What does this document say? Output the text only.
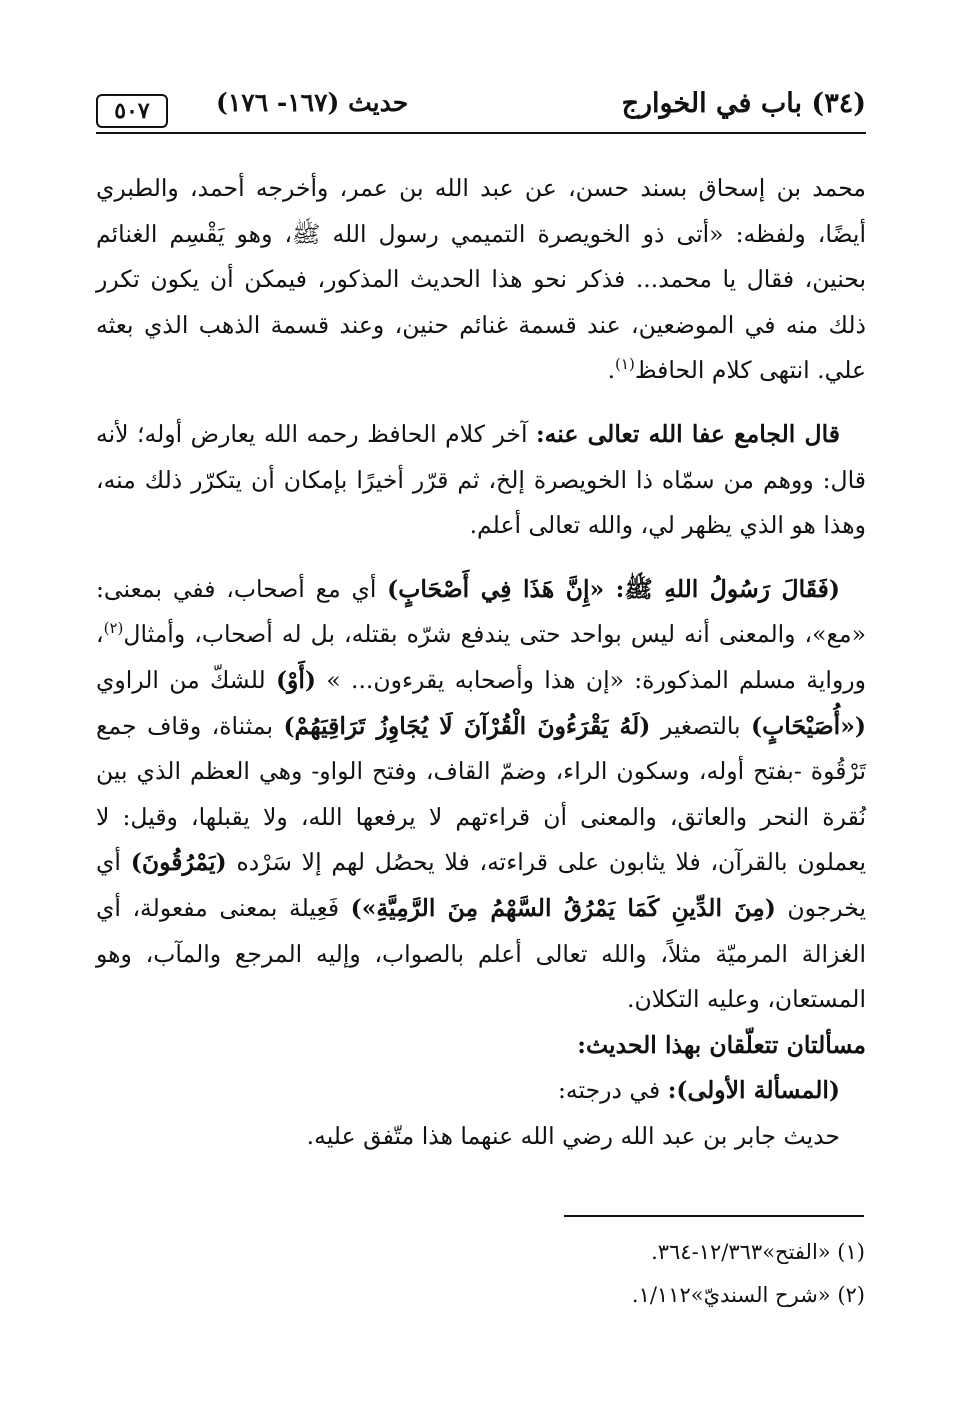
(٣٤) باب في الخوارج
حديث (١٦٧- ١٧٦)
٥٠٧

محمد بن إسحاق بسند حسن، عن عبد الله بن عمر، وأخرجه أحمد، والطبري أيضًا، ولفظه: «أتى ذو الخويصرة التميمي رسول الله ﷺ، وهو يَقْسِم الغنائم بحنين، فقال يا محمد... فذكر نحو هذا الحديث المذكور، فيمكن أن يكون تكرر ذلك منه في الموضعين، عند قسمة غنائم حنين، وعند قسمة الذهب الذي بعثه علي. انتهى كلام الحافظ$^{(١)}$.

قال الجامع عفا الله تعالى عنه: آخر كلام الحافظ رحمه الله يعارض أوله؛ لأنه قال: ووهم من سمّاه ذا الخويصرة إلخ، ثم قرّر أخيرًا بإمكان أن يتكرّر ذلك منه، وهذا هو الذي يظهر لي، والله تعالى أعلم.

(فَقَالَ رَسُولُ اللهِ ﷺ: «إِنَّ هَذَا فِي أَصْحَابٍ) أي مع أصحاب، ففي بمعنى: «مع»، والمعنى أنه ليس بواحد حتى يندفع شرّه بقتله، بل له أصحاب، وأمثال$^{(٢)}$، ورواية مسلم المذكورة: «إن هذا وأصحابه يقرءون... » (أَوْ) للشكّ من الراوي («أُصَيْحَابٍ) بالتصغير (لَهُ يَقْرَءُونَ الْقُرْآنَ لَا يُجَاوِزُ تَرَاقِيَهُمْ) بمثناة، وقاف جمع تَرْقُوة -بفتح أوله، وسكون الراء، وضمّ القاف، وفتح الواو- وهي العظم الذي بين نُقرة النحر والعاتق، والمعنى أن قراءتهم لا يرفعها الله، ولا يقبلها، وقيل: لا يعملون بالقرآن، فلا يثابون على قراءته، فلا يحصُل لهم إلا سَرْده (يَمْرُقُونَ) أي يخرجون (مِنَ الدِّينِ كَمَا يَمْرُقُ السَّهْمُ مِنَ الرَّمِيَّةِ») فَعِيلة بمعنى مفعولة، أي الغزالة المرميّة مثلاً، والله تعالى أعلم بالصواب، وإليه المرجع والمآب، وهو المستعان، وعليه التكلان.

مسألتان تتعلّقان بهذا الحديث:

(المسألة الأولى): في درجته:

حديث جابر بن عبد الله رضي الله عنهما هذا متّفق عليه.

(١) «الفتح»١٢/٣٦٣-٣٦٤.
(٢) «شرح السنديّ»١/١١٢.
